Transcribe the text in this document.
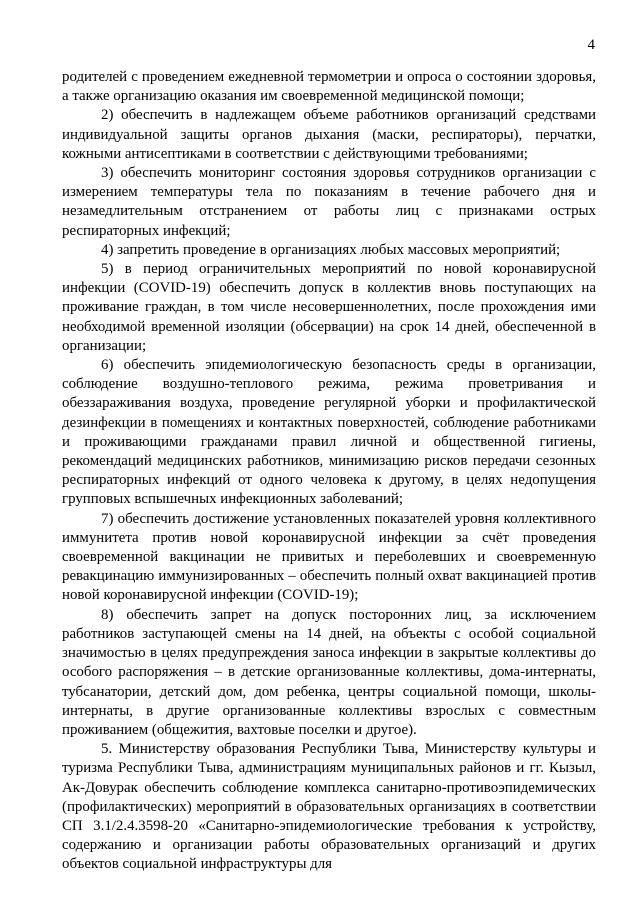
4

родителей с проведением ежедневной термометрии и опроса о состоянии здоровья, а также организацию оказания им своевременной медицинской помощи;

2) обеспечить в надлежащем объеме работников организаций средствами индивидуальной защиты органов дыхания (маски, респираторы), перчатки, кожными антисептиками в соответствии с действующими требованиями;

3) обеспечить мониторинг состояния здоровья сотрудников организации с измерением температуры тела по показаниям в течение рабочего дня и незамедлительным отстранением от работы лиц с признаками острых респираторных инфекций;

4) запретить проведение в организациях любых массовых мероприятий;

5) в период ограничительных мероприятий по новой коронавирусной инфекции (COVID-19) обеспечить допуск в коллектив вновь поступающих на проживание граждан, в том числе несовершеннолетних, после прохождения ими необходимой временной изоляции (обсервации) на срок 14 дней, обеспеченной в организации;

6) обеспечить эпидемиологическую безопасность среды в организации, соблюдение воздушно-теплового режима, режима проветривания и обеззараживания воздуха, проведение регулярной уборки и профилактической дезинфекции в помещениях и контактных поверхностей, соблюдение работниками и проживающими гражданами правил личной и общественной гигиены, рекомендаций медицинских работников, минимизацию рисков передачи сезонных респираторных инфекций от одного человека к другому, в целях недопущения групповых вспышечных инфекционных заболеваний;

7) обеспечить достижение установленных показателей уровня коллективного иммунитета против новой коронавирусной инфекции за счёт проведения своевременной вакцинации не привитых и переболевших и своевременную ревакцинацию иммунизированных – обеспечить полный охват вакцинацией против новой коронавирусной инфекции (COVID-19);

8) обеспечить запрет на допуск посторонних лиц, за исключением работников заступающей смены на 14 дней, на объекты с особой социальной значимостью в целях предупреждения заноса инфекции в закрытые коллективы до особого распоряжения – в детские организованные коллективы, дома-интернаты, тубсанатории, детский дом, дом ребенка, центры социальной помощи, школы-интернаты, в другие организованные коллективы взрослых с совместным проживанием (общежития, вахтовые поселки и другое).

5. Министерству образования Республики Тыва, Министерству культуры и туризма Республики Тыва, администрациям муниципальных районов и гг. Кызыл, Ак-Довурак обеспечить соблюдение комплекса санитарно-противоэпидемических (профилактических) мероприятий в образовательных организациях в соответствии СП 3.1/2.4.3598-20 «Санитарно-эпидемиологические требования к устройству, содержанию и организации работы образовательных организаций и других объектов социальной инфраструктуры для
